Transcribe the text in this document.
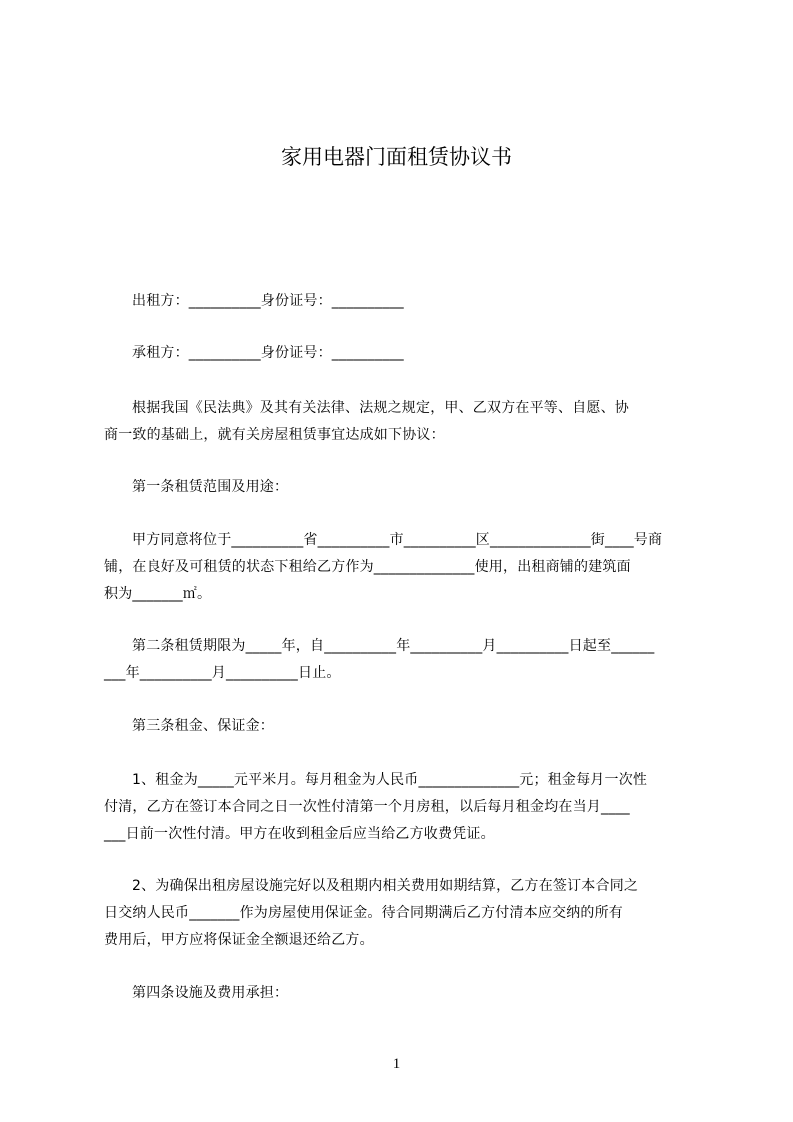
家用电器门面租赁协议书
出租方：__________身份证号：__________
承租方：__________身份证号：__________
根据我国《民法典》及其有关法律、法规之规定，甲、乙双方在平等、自愿、协
商一致的基础上，就有关房屋租赁事宜达成如下协议：
第一条租赁范围及用途：
甲方同意将位于__________省__________市__________区______________街____号商
铺，在良好及可租赁的状态下租给乙方作为______________使用，出租商铺的建筑面
积为_______㎡。
第二条租赁期限为_____年，自__________年__________月__________日起至______
___年__________月__________日止。
第三条租金、保证金：
1、租金为_____元平米月。每月租金为人民币______________元；租金每月一次性
付清，乙方在签订本合同之日一次性付清第一个月房租，以后每月租金均在当月____
___日前一次性付清。甲方在收到租金后应当给乙方收费凭证。
2、为确保出租房屋设施完好以及租期内相关费用如期结算，乙方在签订本合同之
日交纳人民币_______作为房屋使用保证金。待合同期满后乙方付清本应交纳的所有
费用后，甲方应将保证金全额退还给乙方。
第四条设施及费用承担：
1
